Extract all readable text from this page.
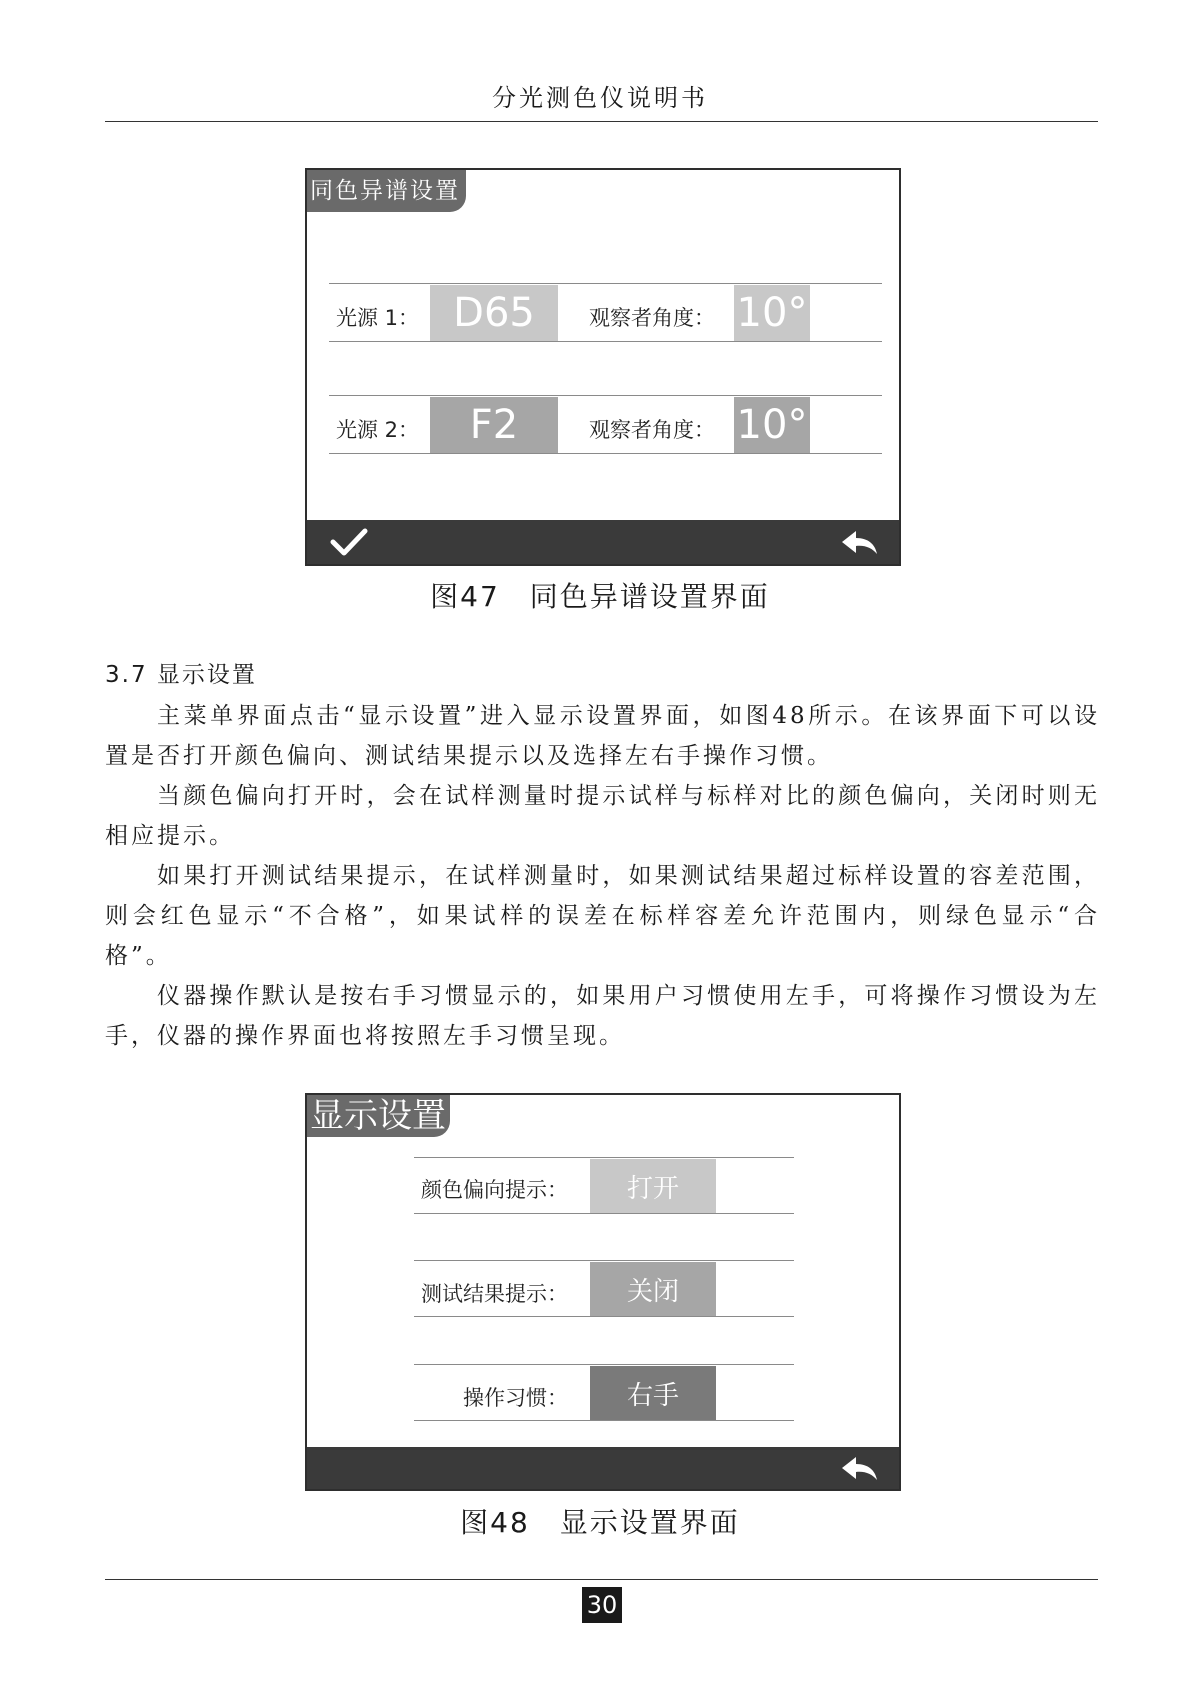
分光测色仪说明书
同色异谱设置
光源 1： D65	观察者角度： 10°
光源 2：	F2	观察者角度： 10°
图47　同色异谱设置界面
3.7 显示设置

主菜单界面点击“显示设置”进入显示设置界面，如图48所示。在该界面下可以设置是否打开颜色偏向、测试结果提示以及选择左右手操作习惯。

当颜色偏向打开时，会在试样测量时提示试样与标样对比的颜色偏向，关闭时则无相应提示。

如果打开测试结果提示，在试样测量时，如果测试结果超过标样设置的容差范围，则会红色显示“不合格”，如果试样的误差在标样容差允许范围内，则绿色显示“合格”。

仪器操作默认是按右手习惯显示的，如果用户习惯使用左手，可将操作习惯设为左手，仪器的操作界面也将按照左手习惯呈现。

显示设置
颜色偏向提示：	打开
测试结果提示：	关闭
操作习惯：	右手
图48　显示设置界面
30
